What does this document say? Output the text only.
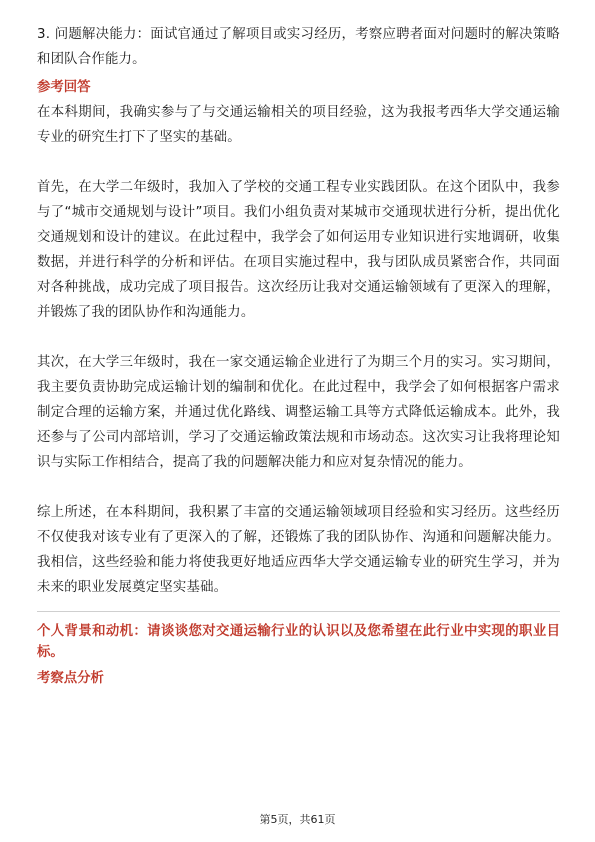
3. 问题解决能力：面试官通过了解项目或实习经历，考察应聘者面对问题时的解决策略和团队合作能力。

参考回答

在本科期间，我确实参与了与交通运输相关的项目经验，这为我报考西华大学交通运输专业的研究生打下了坚实的基础。

首先，在大学二年级时，我加入了学校的交通工程专业实践团队。在这个团队中，我参与了“城市交通规划与设计”项目。我们小组负责对某城市交通现状进行分析，提出优化交通规划和设计的建议。在此过程中，我学会了如何运用专业知识进行实地调研，收集数据，并进行科学的分析和评估。在项目实施过程中，我与团队成员紧密合作，共同面对各种挑战，成功完成了项目报告。这次经历让我对交通运输领域有了更深入的理解，并锻炼了我的团队协作和沟通能力。

其次，在大学三年级时，我在一家交通运输企业进行了为期三个月的实习。实习期间，我主要负责协助完成运输计划的编制和优化。在此过程中，我学会了如何根据客户需求制定合理的运输方案，并通过优化路线、调整运输工具等方式降低运输成本。此外，我还参与了公司内部培训，学习了交通运输政策法规和市场动态。这次实习让我将理论知识与实际工作相结合，提高了我的问题解决能力和应对复杂情况的能力。

综上所述，在本科期间，我积累了丰富的交通运输领域项目经验和实习经历。这些经历不仅使我对该专业有了更深入的了解，还锻炼了我的团队协作、沟通和问题解决能力。我相信，这些经验和能力将使我更好地适应西华大学交通运输专业的研究生学习，并为未来的职业发展奠定坚实基础。

个人背景和动机：请谈谈您对交通运输行业的认识以及您希望在此行业中实现的职业目标。

考察点分析

第5页，共61页
